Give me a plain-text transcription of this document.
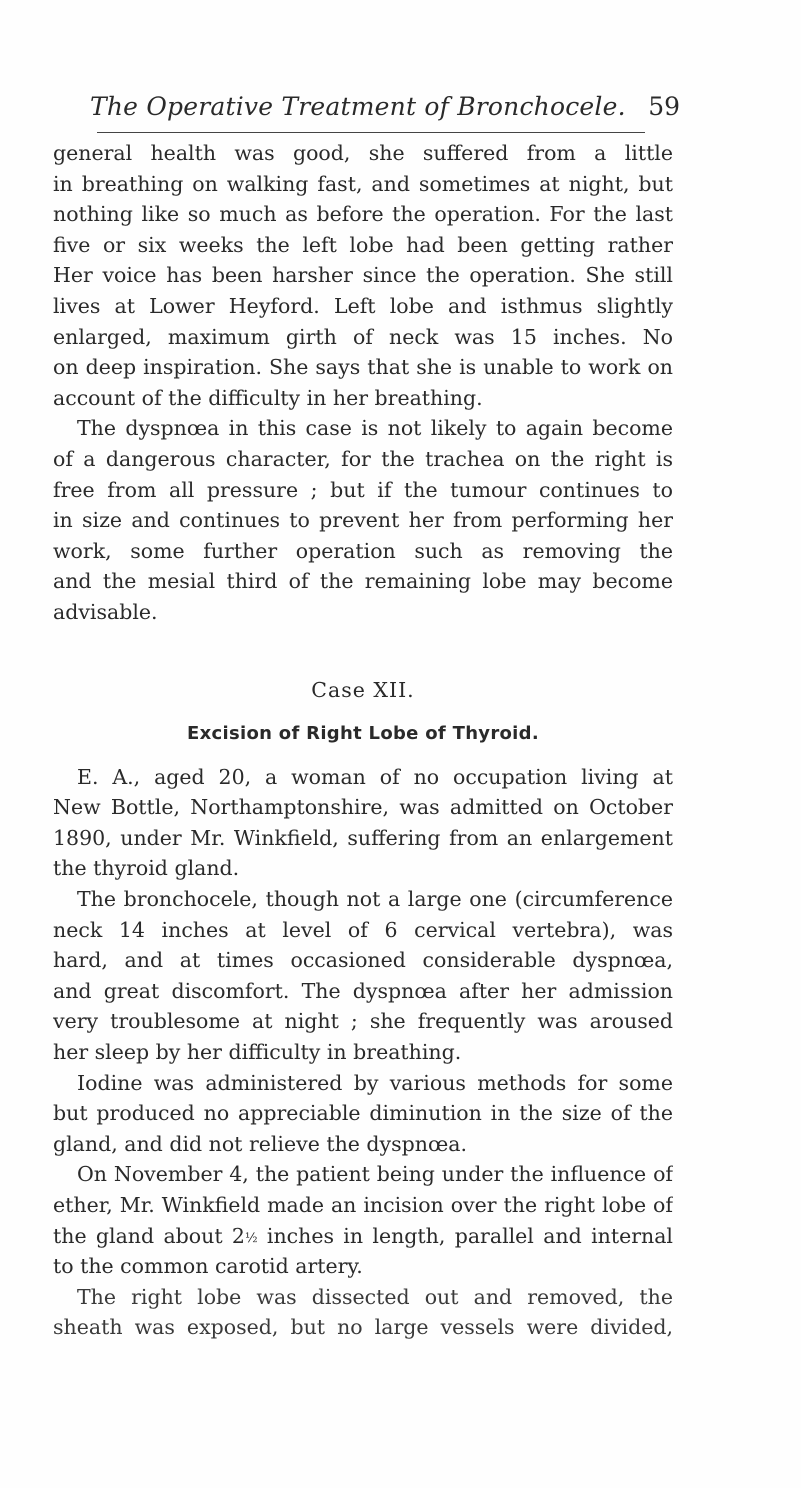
The Operative Treatment of Bronchocele. 59
general health was good, she suffered from a little
in breathing on walking fast, and sometimes at night, but
nothing like so much as before the operation. For the last
five or six weeks the left lobe had been getting rather
Her voice has been harsher since the operation. She still
lives at Lower Heyford. Left lobe and isthmus slightly
enlarged, maximum girth of neck was 15 inches. No
on deep inspiration. She says that she is unable to work on
account of the difficulty in her breathing.
The dyspnœa in this case is not likely to again become
of a dangerous character, for the trachea on the right is
free from all pressure ; but if the tumour continues to
in size and continues to prevent her from performing her
work, some further operation such as removing the
and the mesial third of the remaining lobe may become
advisable.
Case XII.
Excision of Right Lobe of Thyroid.
E. A., aged 20, a woman of no occupation living at
New Bottle, Northamptonshire, was admitted on October
1890, under Mr. Winkfield, suffering from an enlargement
the thyroid gland.
The bronchocele, though not a large one (circumference
neck 14 inches at level of 6 cervical vertebra), was
hard, and at times occasioned considerable dyspnœa,
and great discomfort. The dyspnœa after her admission
very troublesome at night ; she frequently was aroused
her sleep by her difficulty in breathing.
Iodine was administered by various methods for some
but produced no appreciable diminution in the size of the
gland, and did not relieve the dyspnœa.
On November 4, the patient being under the influence of
ether, Mr. Winkfield made an incision over the right lobe of
the gland about 2½ inches in length, parallel and internal
to the common carotid artery.
The right lobe was dissected out and removed, the
sheath was exposed, but no large vessels were divided,
